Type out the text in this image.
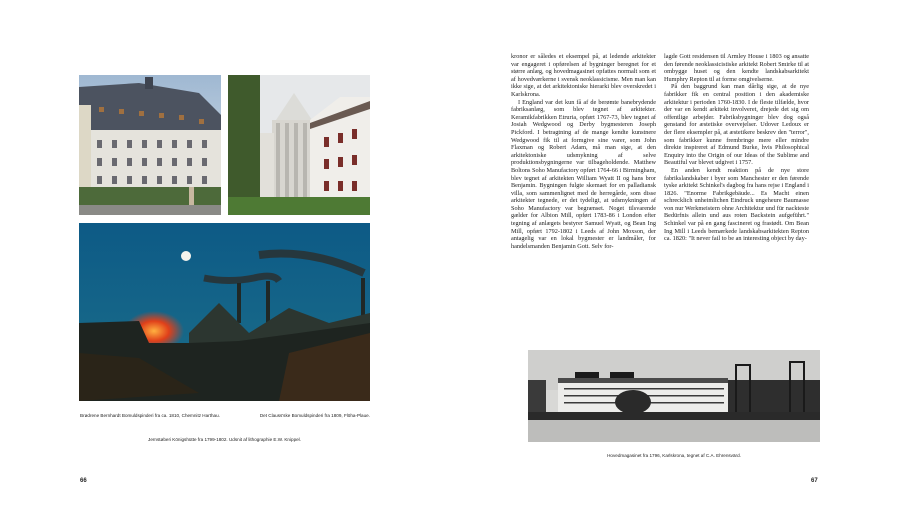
Brødrene Bernhardt Bomuldspinderi fra ca. 1810, Chemnitz Harthau.	Det Clauss'ske Bomuldspinderi fra 1809, Flöha-Plaue.
Jernstøberi Königshütte fra 1799-1802. Udsnit af lithographie E.W. Knippel.
66

kronor er således et eksempel på, at ledende arkitekter var engageret i opførelsen af bygninger beregnet for et større anlæg, og hovedmagasinet opfattes normalt som et af hovedværkerne i svensk neoklassicisme. Men man kan ikke sige, at det arkitektoniske hierarki blev overskredet i Karlskrona.

I England var det kun få af de berømte banebrydende fabriksanlæg, som blev tegnet af arkitekter. Keramikfabrikken Etruria, opført 1767-73, blev tegnet af Josiah Wedgwood og Derby bygmesteren Joseph Pickford. I betragtning af de mange kendte kunstnere Wedgwood fik til at formgive sine varer, som John Flaxman og Robert Adam, må man sige, at den arkitektoniske udsmykning af selve produktionsbygningerne var tilbageholdende. Matthew Boltons Soho Manufactory opført 1764-66 i Birmingham, blev tegnet af arkitekten William Wyatt II og hans bror Benjamin. Bygningen fulgte skemaet for en palladiansk villa, som sammenlignet med de herregårde, som disse arkitekter tegnede, er det tydeligt, at udsmykningen af Soho Manufactory var begrænset. Noget tilsvarende gælder for Albion Mill, opført 1783-86 i London efter tegning af anlægets bestyrer Samuel Wyatt, og Bean Ing Mill, opført 1792-1802 i Leeds af John Moxson, der antagelig var en lokal bygmester er landmåler, for handelsmanden Benjamin Gott. Selv for-

lagde Gott residensen til Armley House i 1803 og ansatte den førende neoklassicistiske arkitekt Robert Smirke til at ombygge huset og den kendte landskabsarkitekt Humphry Repton til at forme omgivelserne.

På den baggrund kan man dårlig sige, at de nye fabrikker fik en central position i den akademiske arkitektur i perioden 1760-1830. I de fleste tilfælde, hvor der var en kendt arkitekt involveret, drejede det sig om offentlige arbejder. Fabriksbygninger blev dog også genstand for æstetiske overvejelser. Udover Ledoux er der flere eksempler på, at æstetikere beskrev den "terror", som fabrikker kunne frembringe mere eller mindre direkte inspireret af Edmund Burke, hvis Philosophical Enquiry into the Origin of our Ideas of the Sublime and Beautiful var blevet udgivet i 1757.

En anden kendt reaktion på de nye store fabrikslandskaber i byer som Manchester er den førende tyske arkitekt Schinkel's dagbog fra hans rejse i England i 1826. "Enorme Fabrikgebäude... Es Macht einen schrecklich unheimlichen Eindruck ungeheure Baumasse von nur Werkmeistern ohne Architektur und für nackteste Bedürfnis allein und aus roten Backstein aufgeführt." Schinkel var på en gang fascineret og frastødt. Om Bean Ing Mill i Leeds bemærkede landskabsarkitekten Repton ca. 1820: "It never fail to be an interesting object by day-

Hovedmagasinet fra 1796, Karlskrona, tegnet af C.A. Ehrensvärd.
67
